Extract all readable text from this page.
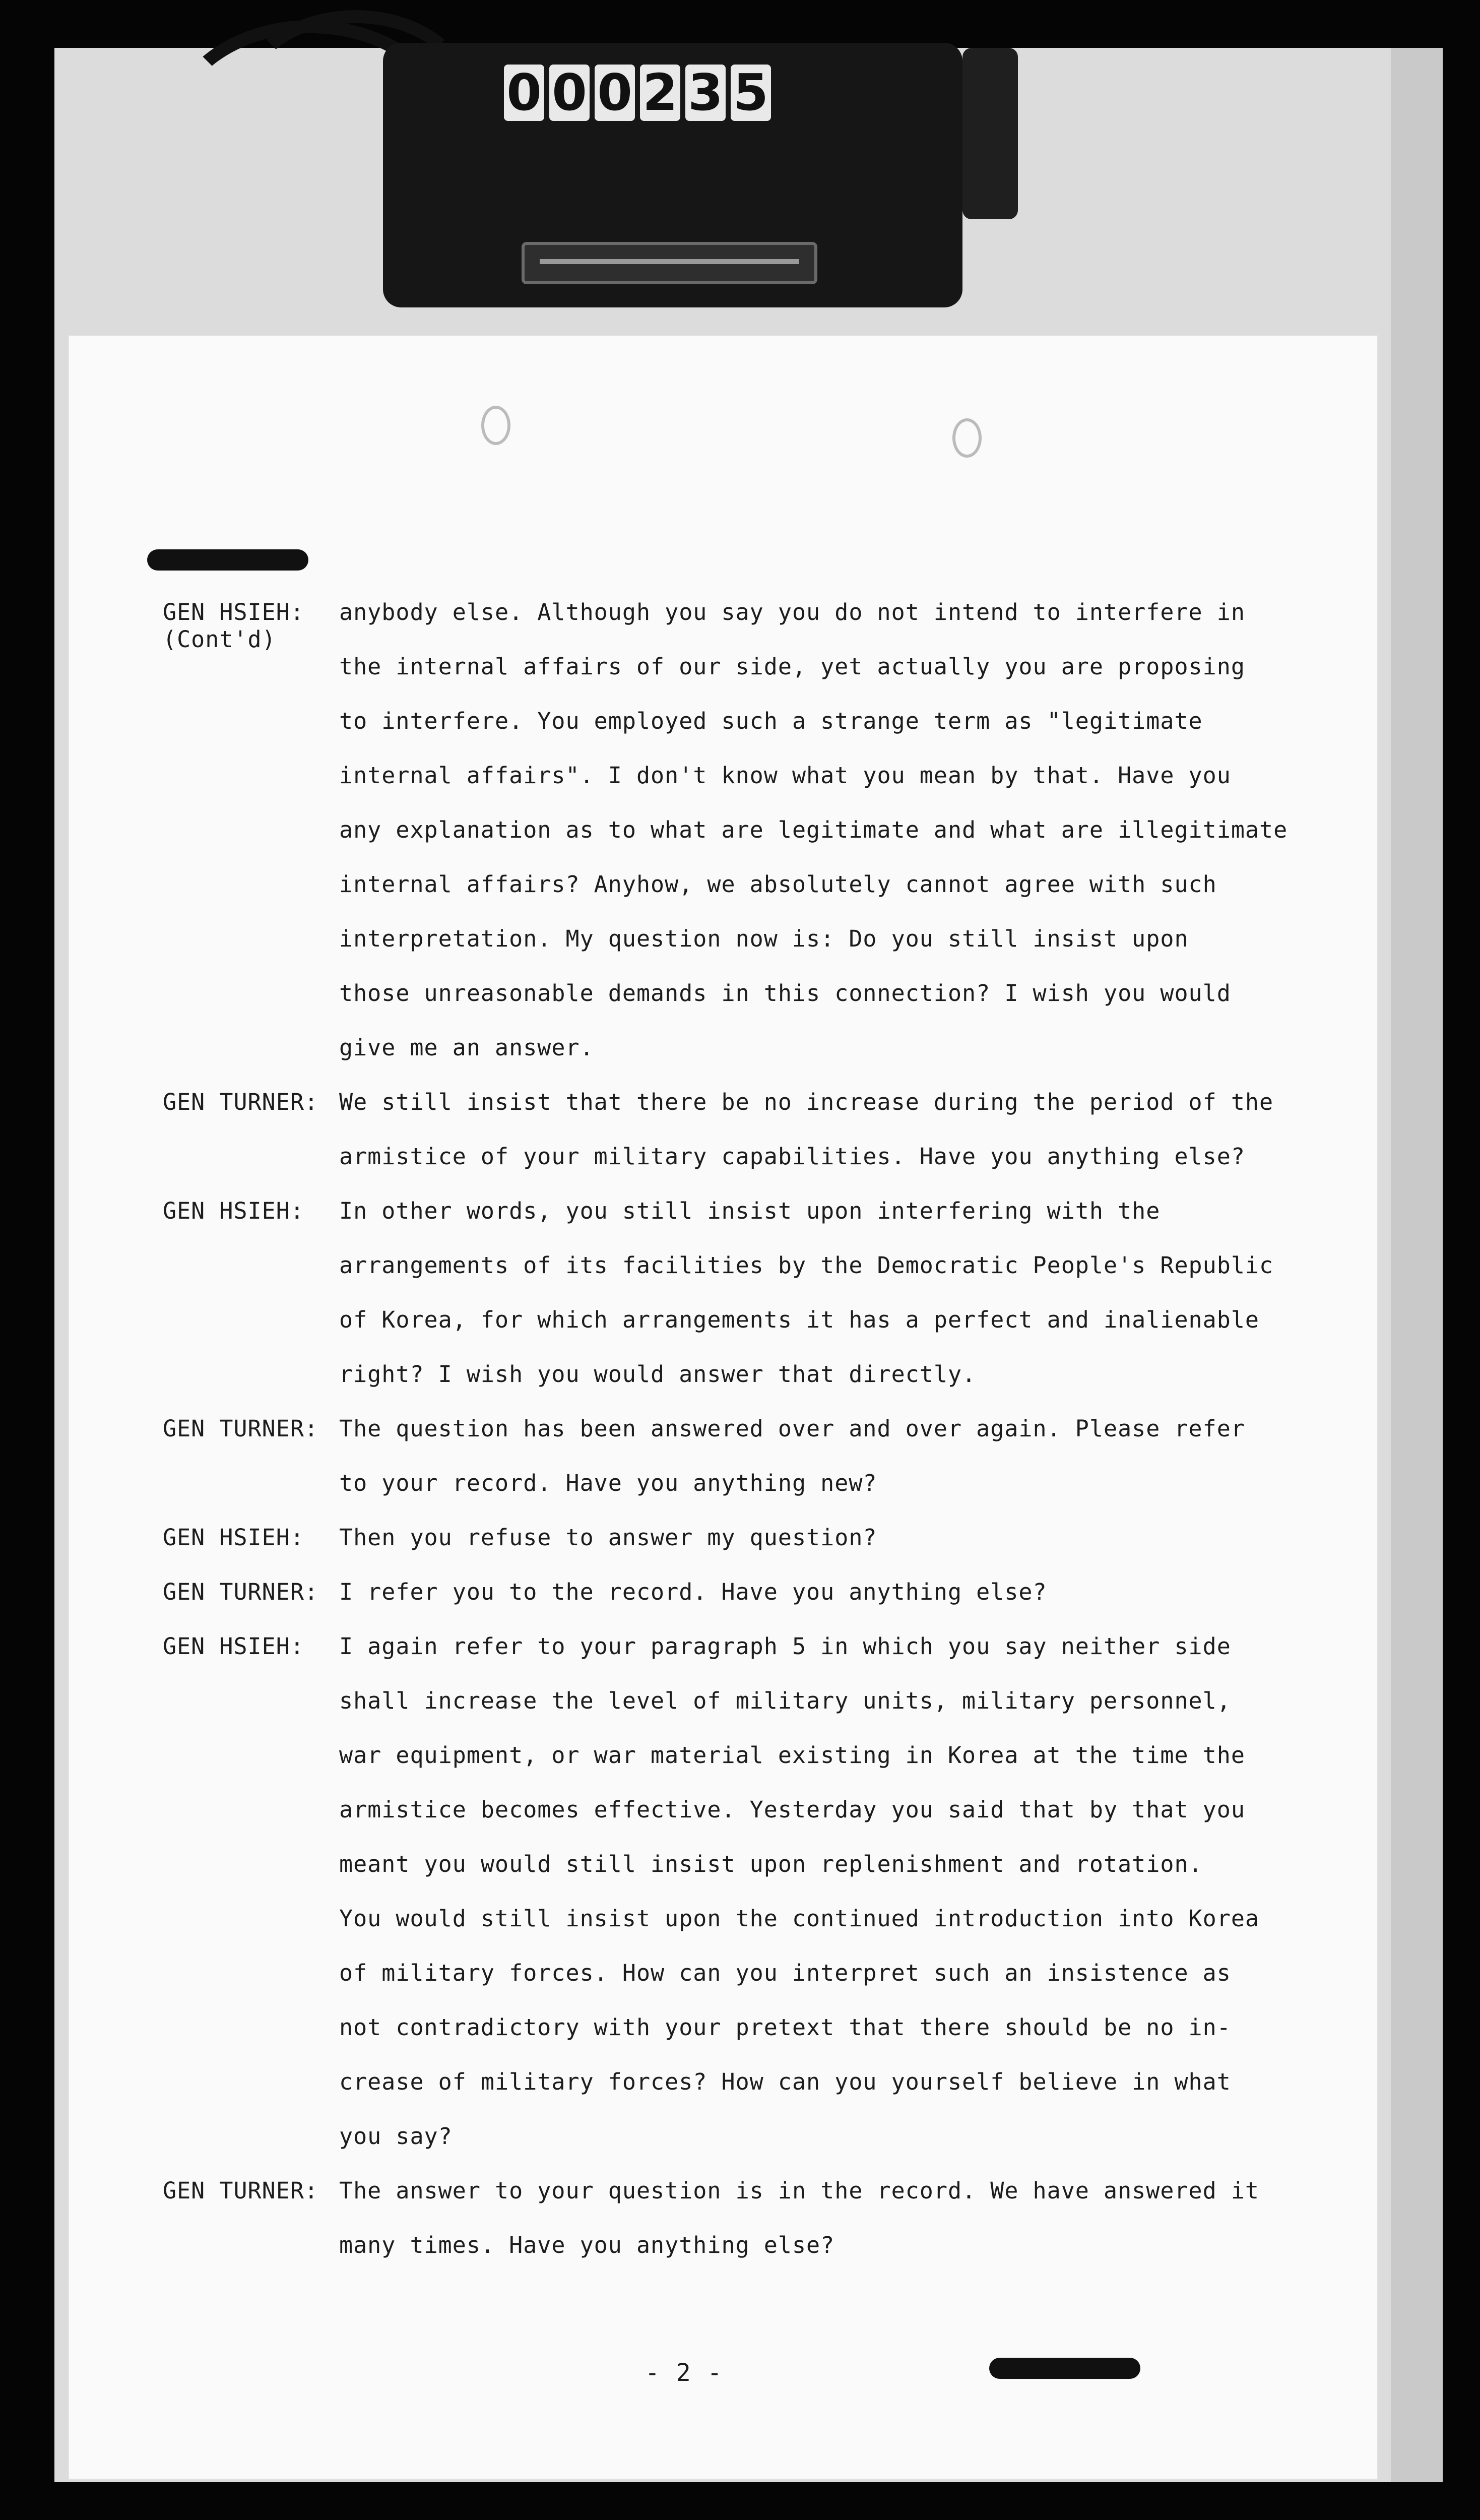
0 0 0 2 3 5
GEN HSIEH:
(Cont'd)
anybody else. Although you say you do not intend to interfere in
the internal affairs of our side, yet actually you are proposing
to interfere. You employed such a strange term as "legitimate
internal affairs". I don't know what you mean by that. Have you
any explanation as to what are legitimate and what are illegitimate
internal affairs? Anyhow, we absolutely cannot agree with such
interpretation. My question now is: Do you still insist upon
those unreasonable demands in this connection? I wish you would
give me an answer.
GEN TURNER: We still insist that there be no increase during the period of the
armistice of your military capabilities. Have you anything else?
GEN HSIEH:	In other words, you still insist upon interfering with the
arrangements of its facilities by the Democratic People's Republic
of Korea, for which arrangements it has a perfect and inalienable
right? I wish you would answer that directly.
GEN TURNER: The question has been answered over and over again. Please refer
to your record. Have you anything new?
GEN HSIEH:	Then you refuse to answer my question?
GEN TURNER: I refer you to the record. Have you anything else?
GEN HSIEH:	I again refer to your paragraph 5 in which you say neither side
shall increase the level of military units, military personnel,
war equipment, or war material existing in Korea at the time the
armistice becomes effective. Yesterday you said that by that you
meant you would still insist upon replenishment and rotation.
You would still insist upon the continued introduction into Korea
of military forces. How can you interpret such an insistence as
not contradictory with your pretext that there should be no in-
crease of military forces? How can you yourself believe in what
you say?
GEN TURNER: The answer to your question is in the record. We have answered it
many times. Have you anything else?
- 2 -
